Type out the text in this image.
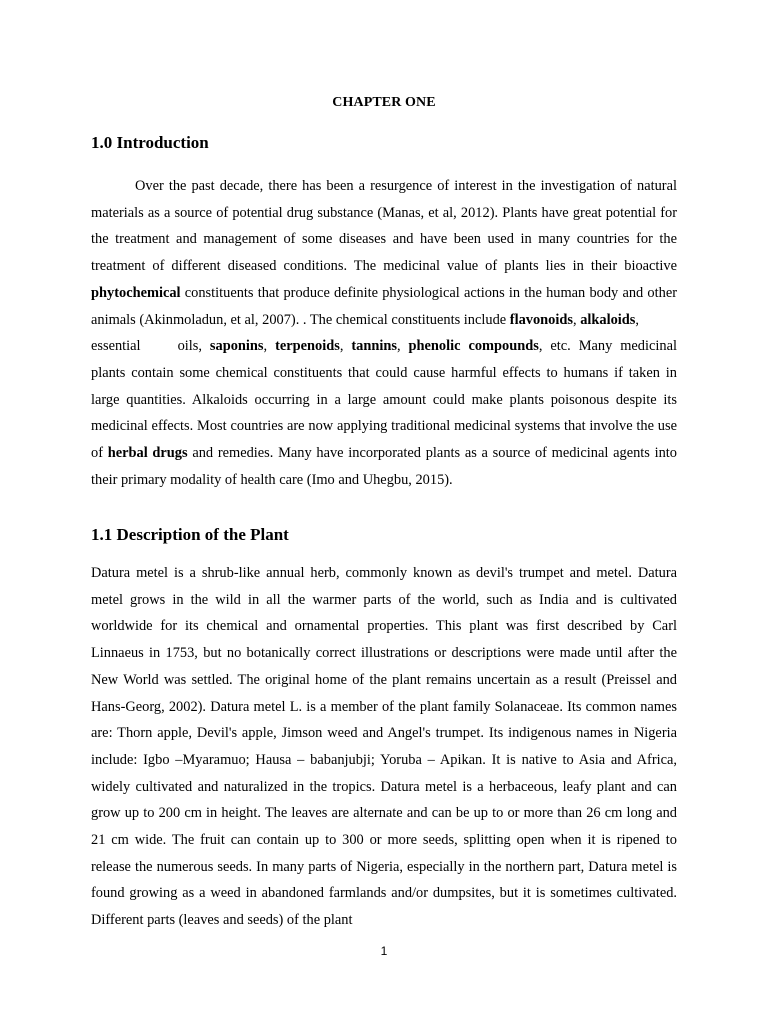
CHAPTER ONE
1.0 Introduction

Over the past decade, there has been a resurgence of interest in the investigation of natural materials as a source of potential drug substance (Manas, et al, 2012). Plants have great potential for the treatment and management of some diseases and have been used in many countries for the treatment of different diseased conditions. The medicinal value of plants lies in their bioactive phytochemical constituents that produce definite physiological actions in the human body and other animals (Akinmoladun, et al, 2007). . The chemical constituents include flavonoids, alkaloids,essential	oils, saponins, terpenoids, tannins, phenolic compounds, etc. Many medicinal plants contain some chemical constituents that could cause harmful effects to humans if taken in large quantities. Alkaloids occurring in a large amount could make plants poisonous despite its medicinal effects. Most countries are now applying traditional medicinal systems that involve the use of herbal drugs and remedies. Many have incorporated plants as a source of medicinal agents into their primary modality of health care (Imo and Uhegbu, 2015).

1.1 Description of the Plant

Datura metel is a shrub-like annual herb, commonly known as devil's trumpet and metel. Datura metel grows in the wild in all the warmer parts of the world, such as India and is cultivated worldwide for its chemical and ornamental properties. This plant was first described by Carl Linnaeus in 1753, but no botanically correct illustrations or descriptions were made until after the New World was settled. The original home of the plant remains uncertain as a result (Preissel and Hans-Georg, 2002). Datura metel L. is a member of the plant family Solanaceae. Its common names are: Thorn apple, Devil's apple, Jimson weed and Angel's trumpet. Its indigenous names in Nigeria include: Igbo –Myaramuo; Hausa – babanjubji; Yoruba – Apikan. It is native to Asia and Africa, widely cultivated and naturalized in the tropics. Datura metel is a herbaceous, leafy plant and can grow up to 200 cm in height. The leaves are alternate and can be up to or more than 26 cm long and 21 cm wide. The fruit can contain up to 300 or more seeds, splitting open when it is ripened to release the numerous seeds. In many parts of Nigeria, especially in the northern part, Datura metel is found growing as a weed in abandoned farmlands and/or dumpsites, but it is sometimes cultivated. Different parts (leaves and seeds) of the plant

1
